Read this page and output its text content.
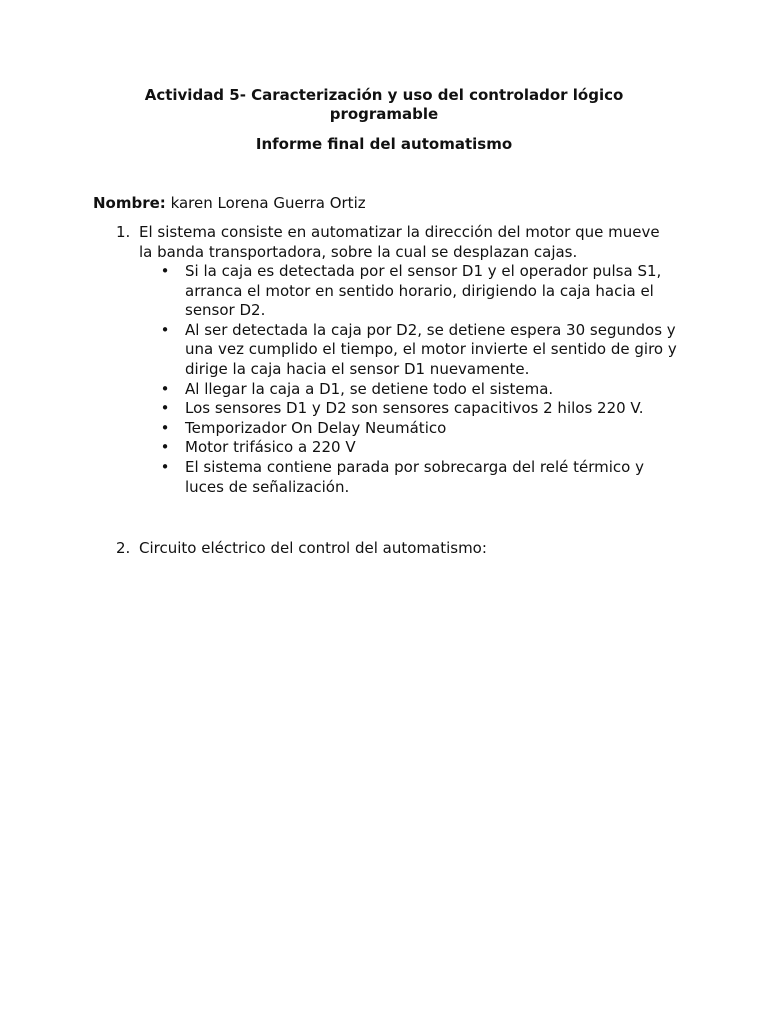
Actividad 5- Caracterización y uso del controlador lógico programable

Informe final del automatismo

Nombre: karen Lorena Guerra Ortiz
1. El sistema consiste en automatizar la dirección del motor que mueve la banda transportadora, sobre la cual se desplazan cajas.
• Si la caja es detectada por el sensor D1 y el operador pulsa S1, arranca el motor en sentido horario, dirigiendo la caja hacia el sensor D2.
• Al ser detectada la caja por D2, se detiene espera 30 segundos y una vez cumplido el tiempo, el motor invierte el sentido de giro y dirige la caja hacia el sensor D1 nuevamente.
• Al llegar la caja a D1, se detiene todo el sistema.
• Los sensores D1 y D2 son sensores capacitivos 2 hilos 220 V.
• Temporizador On Delay Neumático
• Motor trifásico a 220 V
• El sistema contiene parada por sobrecarga del relé térmico y luces de señalización.
2. Circuito eléctrico del control del automatismo:
